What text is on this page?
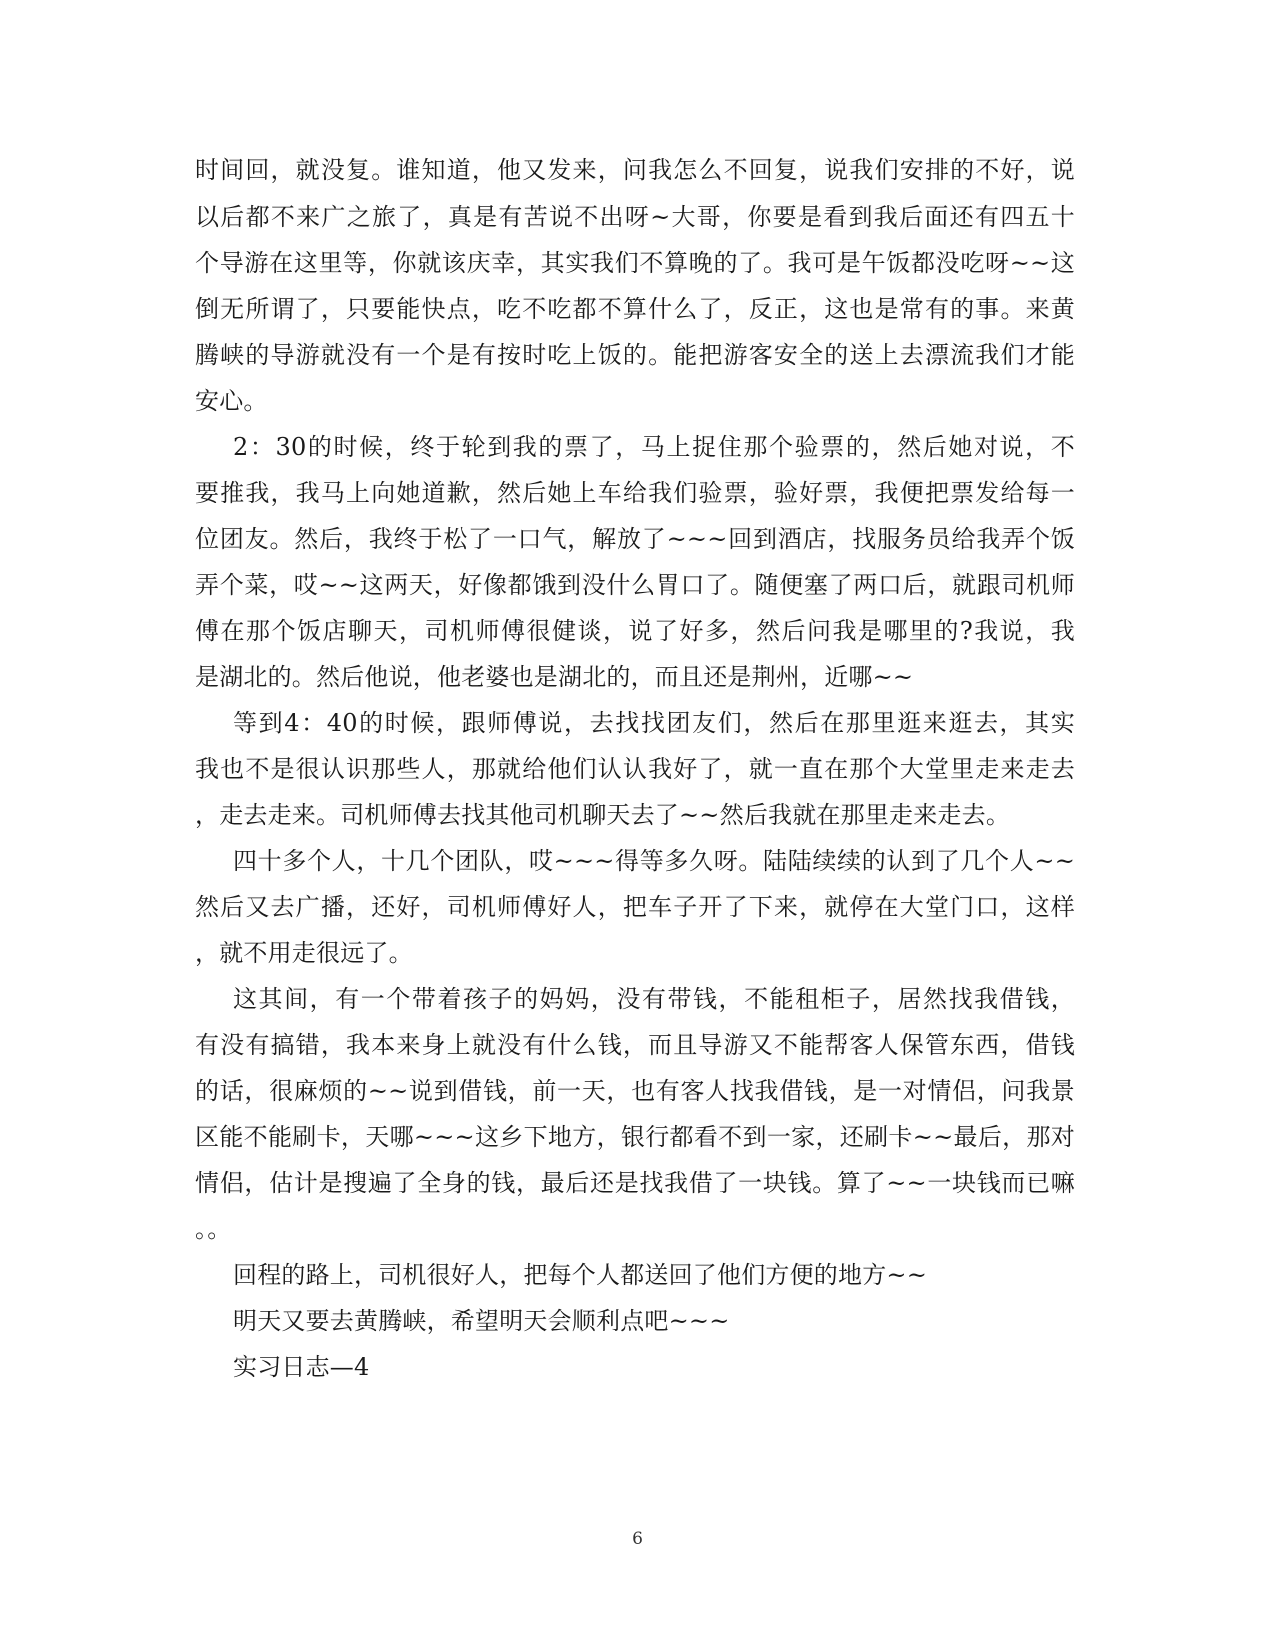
时间回，就没复。谁知道，他又发来，问我怎么不回复，说我们安排的不好，说
以后都不来广之旅了，真是有苦说不出呀~大哥，你要是看到我后面还有四五十
个导游在这里等，你就该庆幸，其实我们不算晚的了。我可是午饭都没吃呀~~这
倒无所谓了，只要能快点，吃不吃都不算什么了，反正，这也是常有的事。来黄
腾峡的导游就没有一个是有按时吃上饭的。能把游客安全的送上去漂流我们才能
安心。
2：30的时候，终于轮到我的票了，马上捉住那个验票的，然后她对说，不
要推我，我马上向她道歉，然后她上车给我们验票，验好票，我便把票发给每一
位团友。然后，我终于松了一口气，解放了~~~回到酒店，找服务员给我弄个饭
弄个菜，哎~~这两天，好像都饿到没什么胃口了。随便塞了两口后，就跟司机师
傅在那个饭店聊天，司机师傅很健谈，说了好多，然后问我是哪里的?我说，我
是湖北的。然后他说，他老婆也是湖北的，而且还是荆州，近哪~~
等到4：40的时候，跟师傅说，去找找团友们，然后在那里逛来逛去，其实
我也不是很认识那些人，那就给他们认认我好了，就一直在那个大堂里走来走去
，走去走来。司机师傅去找其他司机聊天去了~~然后我就在那里走来走去。
四十多个人，十几个团队，哎~~~得等多久呀。陆陆续续的认到了几个人~~
然后又去广播，还好，司机师傅好人，把车子开了下来，就停在大堂门口，这样
，就不用走很远了。
这其间，有一个带着孩子的妈妈，没有带钱，不能租柜子，居然找我借钱，
有没有搞错，我本来身上就没有什么钱，而且导游又不能帮客人保管东西，借钱
的话，很麻烦的~~说到借钱，前一天，也有客人找我借钱，是一对情侣，问我景
区能不能刷卡，天哪~~~这乡下地方，银行都看不到一家，还刷卡~~最后，那对
情侣，估计是搜遍了全身的钱，最后还是找我借了一块钱。算了~~一块钱而已嘛
。。
回程的路上，司机很好人，把每个人都送回了他们方便的地方~~
明天又要去黄腾峡，希望明天会顺利点吧~~~
实习日志—4
6
